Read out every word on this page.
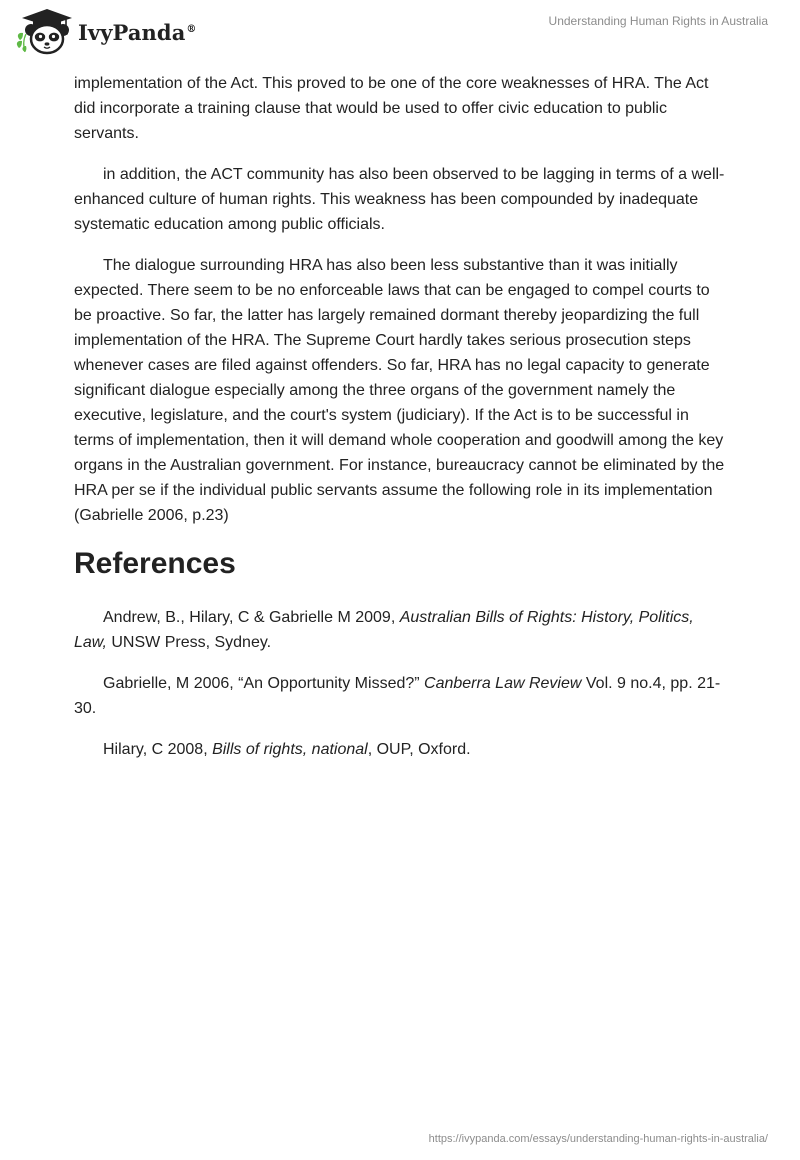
IvyPanda®
Understanding Human Rights in Australia

implementation of the Act. This proved to be one of the core weaknesses of HRA. The Act did incorporate a training clause that would be used to offer civic education to public servants.

in addition, the ACT community has also been observed to be lagging in terms of a well-enhanced culture of human rights. This weakness has been compounded by inadequate systematic education among public officials.

The dialogue surrounding HRA has also been less substantive than it was initially expected. There seem to be no enforceable laws that can be engaged to compel courts to be proactive. So far, the latter has largely remained dormant thereby jeopardizing the full implementation of the HRA. The Supreme Court hardly takes serious prosecution steps whenever cases are filed against offenders. So far, HRA has no legal capacity to generate significant dialogue especially among the three organs of the government namely the executive, legislature, and the court's system (judiciary). If the Act is to be successful in terms of implementation, then it will demand whole cooperation and goodwill among the key organs in the Australian government. For instance, bureaucracy cannot be eliminated by the HRA per se if the individual public servants assume the following role in its implementation (Gabrielle 2006, p.23)

References

Andrew, B., Hilary, C & Gabrielle M 2009, Australian Bills of Rights: History, Politics, Law, UNSW Press, Sydney.

Gabrielle, M 2006, “An Opportunity Missed?” Canberra Law Review Vol. 9 no.4, pp. 21-30.

Hilary, C 2008, Bills of rights, national, OUP, Oxford.

https://ivypanda.com/essays/understanding-human-rights-in-australia/
